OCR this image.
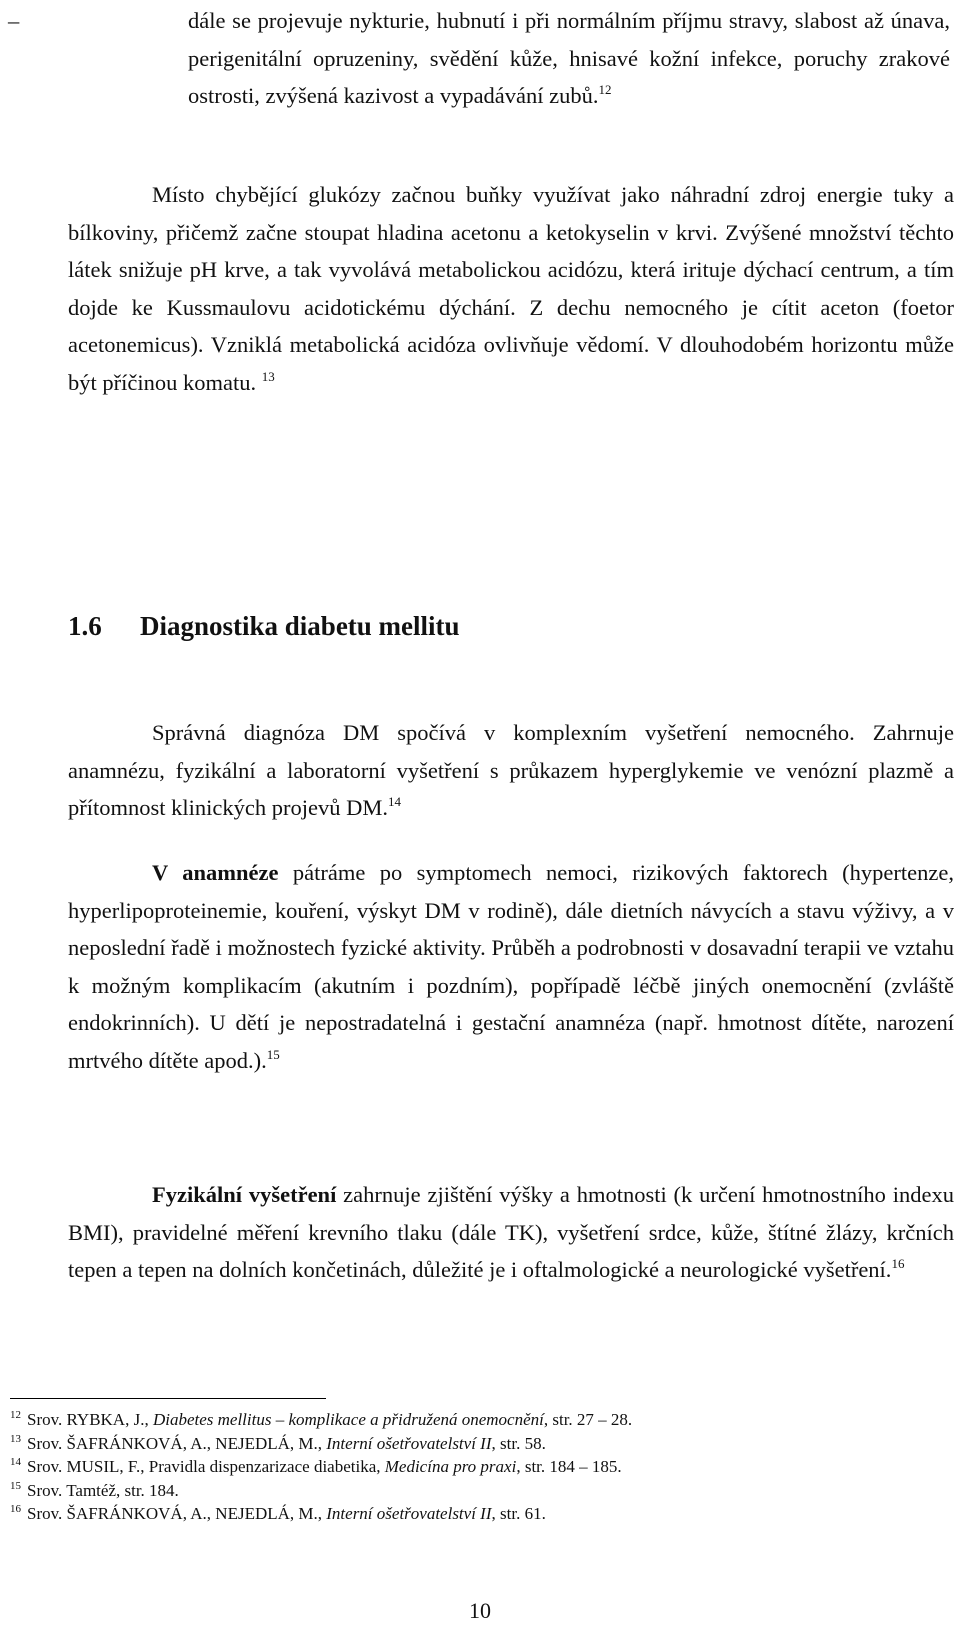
–	dále se projevuje nykturie, hubnutí i při normálním příjmu stravy, slabost až únava, perigenitální opruzeniny, svědění kůže, hnisavé kožní infekce, poruchy zrakové ostrosti, zvýšená kazivost a vypadávání zubů.$^{12}$
Místo chybějící glukózy začnou buňky využívat jako náhradní zdroj energie tuky a bílkoviny, přičemž začne stoupat hladina acetonu a ketokyselin v krvi. Zvýšené množství těchto látek snižuje pH krve, a tak vyvolává metabolickou acidózu, která irituje dýchací centrum, a tím dojde ke Kussmaulovu acidotickému dýchání. Z dechu nemocného je cítit aceton (foetor acetonemicus). Vzniklá metabolická acidóza ovlivňuje vědomí. V dlouhodobém horizontu může být příčinou komatu. $^{13}$
1.6 Diagnostika diabetu mellitu
Správná diagnóza DM spočívá v komplexním vyšetření nemocného. Zahrnuje anamnézu, fyzikální a laboratorní vyšetření s průkazem hyperglykemie ve venózní plazmě a přítomnost klinických projevů DM.$^{14}$
V anamnéze pátráme po symptomech nemoci, rizikových faktorech (hypertenze, hyperlipoproteinemie, kouření, výskyt DM v rodině), dále dietních návycích a stavu výživy, a v neposlední řadě i možnostech fyzické aktivity. Průběh a podrobnosti v dosavadní terapii ve vztahu k možným komplikacím (akutním i pozdním), popřípadě léčbě jiných onemocnění (zvláště endokrinních). U dětí je nepostradatelná i gestační anamnéza (např. hmotnost dítěte, narození mrtvého dítěte apod.).$^{15}$
Fyzikální vyšetření zahrnuje zjištění výšky a hmotnosti (k určení hmotnostního indexu BMI), pravidelné měření krevního tlaku (dále TK), vyšetření srdce, kůže, štítné žlázy, krčních tepen a tepen na dolních končetinách, důležité je i oftalmologické a neurologické vyšetření.$^{16}$
$^{12}$ Srov. RYBKA, J., Diabetes mellitus – komplikace a přidružená onemocnění, str. 27 – 28.
$^{13}$ Srov. ŠAFRÁNKOVÁ, A., NEJEDLÁ, M., Interní ošetřovatelství II, str. 58.
$^{14}$ Srov. MUSIL, F., Pravidla dispenzarizace diabetika, Medicína pro praxi, str. 184 – 185.
$^{15}$ Srov. Tamtéž, str. 184.
$^{16}$ Srov. ŠAFRÁNKOVÁ, A., NEJEDLÁ, M., Interní ošetřovatelství II, str. 61.
10
